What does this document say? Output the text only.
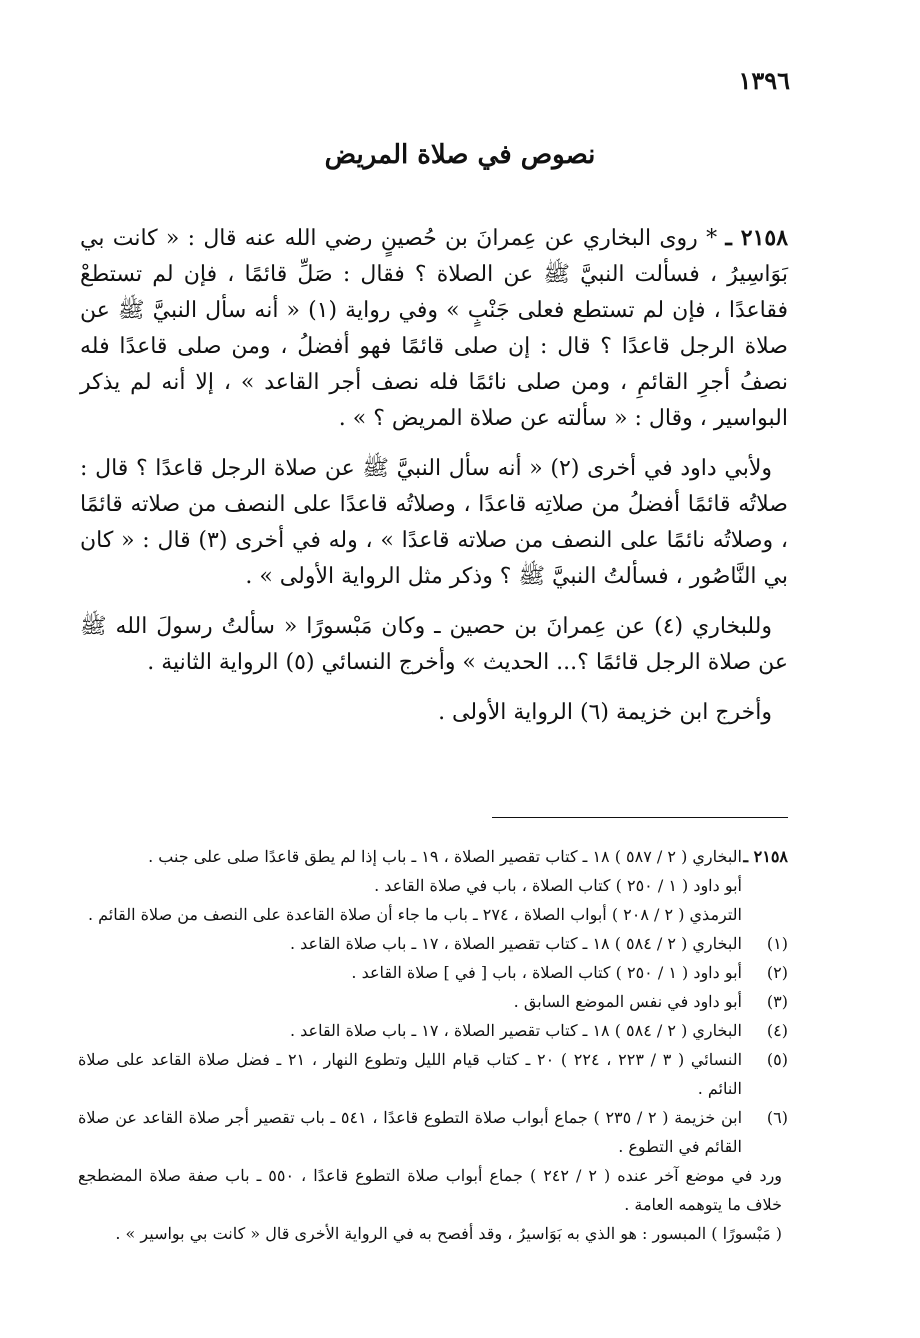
١٣٩٦
نصوص في صلاة المريض

٢١٥٨ ـ * روى البخاري عن عِمرانَ بن حُصينٍ رضي الله عنه قال : « كانت بي بَوَاسِيرُ ، فسألت النبيَّ ﷺ عن الصلاة ؟ فقال : صَلِّ قائمًا ، فإن لم تستطعْ فقاعدًا ، فإن لم تستطع فعلى جَنْبٍ » وفي رواية (١) « أنه سأل النبيَّ ﷺ عن صلاة الرجل قاعدًا ؟ قال : إن صلى قائمًا فهو أفضلُ ، ومن صلى قاعدًا فله نصفُ أجرِ القائمِ ، ومن صلى نائمًا فله نصف أجر القاعد » ، إلا أنه لم يذكر البواسير ، وقال : « سألته عن صلاة المريض ؟ » .

ولأبي داود في أخرى (٢) « أنه سأل النبيَّ ﷺ عن صلاة الرجل قاعدًا ؟ قال : صلاتُه قائمًا أفضلُ من صلاتِه قاعدًا ، وصلاتُه قاعدًا على النصف من صلاته قائمًا ، وصلاتُه نائمًا على النصف من صلاته قاعدًا » ، وله في أخرى (٣) قال : « كان بي النَّاصُور ، فسألتُ النبيَّ ﷺ ؟ وذكر مثل الرواية الأولى » .

وللبخاري (٤) عن عِمرانَ بن حصين ـ وكان مَبْسورًا « سألتُ رسولَ الله ﷺ عن صلاة الرجل قائمًا ؟... الحديث » وأخرج النسائي (٥) الرواية الثانية .

وأخرج ابن خزيمة (٦) الرواية الأولى .

٢١٥٨ ـ
البخاري ( ٢ / ٥٨٧ ) ١٨ ـ كتاب تقصير الصلاة ، ١٩ ـ باب إذا لم يطق قاعدًا صلى على جنب .
أبو داود ( ١ / ٢٥٠ ) كتاب الصلاة ، باب في صلاة القاعد .
الترمذي ( ٢ / ٢٠٨ ) أبواب الصلاة ، ٢٧٤ ـ باب ما جاء أن صلاة القاعدة على النصف من صلاة القائم .
(١)
البخاري ( ٢ / ٥٨٤ ) ١٨ ـ كتاب تقصير الصلاة ، ١٧ ـ باب صلاة القاعد .
(٢)
أبو داود ( ١ / ٢٥٠ ) كتاب الصلاة ، باب [ في ] صلاة القاعد .
(٣)
أبو داود في نفس الموضع السابق .
(٤)
البخاري ( ٢ / ٥٨٤ ) ١٨ ـ كتاب تقصير الصلاة ، ١٧ ـ باب صلاة القاعد .
(٥)
النسائي ( ٣ / ٢٢٣ ، ٢٢٤ ) ٢٠ ـ كتاب قيام الليل وتطوع النهار ، ٢١ ـ فضل صلاة القاعد على صلاة النائم .
(٦)
ابن خزيمة ( ٢ / ٢٣٥ ) جماع أبواب صلاة التطوع قاعدًا ، ٥٤١ ـ باب تقصير أجر صلاة القاعد عن صلاة القائم في التطوع .
ورد في موضع آخر عنده ( ٢ / ٢٤٢ ) جماع أبواب صلاة التطوع قاعدًا ، ٥٥٠ ـ باب صفة صلاة المضطجع خلاف ما يتوهمه العامة .
( مَبْسورًا ) المبسور : هو الذي به بَوَاسيرُ ، وقد أفصح به في الرواية الأخرى قال « كانت بي بواسير » .
